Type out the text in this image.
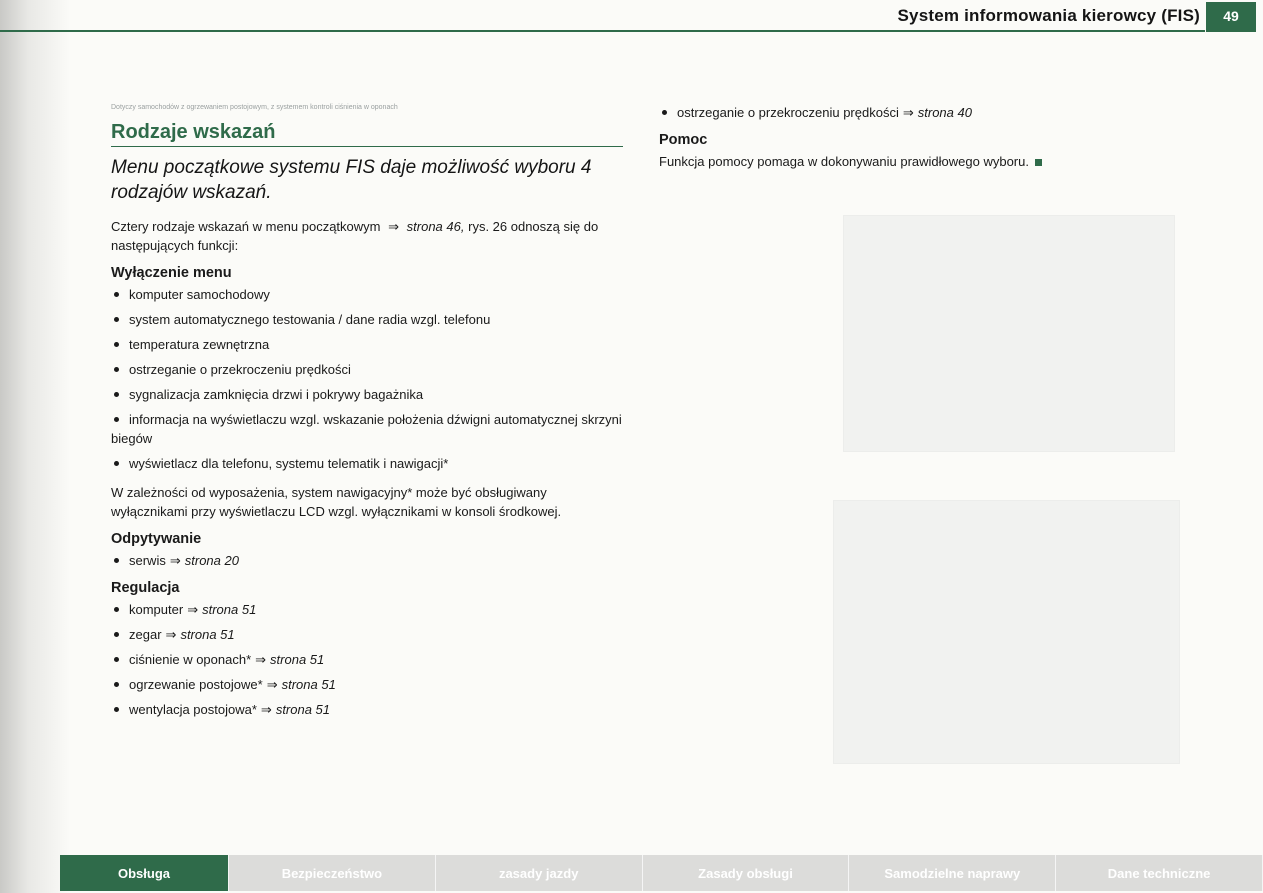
System informowania kierowcy (FIS)	49

Dotyczy samochodów z ogrzewaniem postojowym, z systemem kontroli ciśnienia w oponach

Rodzaje wskazań
Menu początkowe systemu FIS daje możliwość wyboru 4 rodzajów wskazań.

Cztery rodzaje wskazań w menu początkowym ⇒ strona 46, rys. 26 odnoszą się do następujących funkcji:

Wyłączenie menu
komputer samochodowy
system automatycznego testowania / dane radia wzgl. telefonu
temperatura zewnętrzna
ostrzeganie o przekroczeniu prędkości
sygnalizacja zamknięcia drzwi i pokrywy bagażnika
informacja na wyświetlaczu wzgl. wskazanie położenia dźwigni automatycznej skrzyni biegów
wyświetlacz dla telefonu, systemu telematik i nawigacji*

W zależności od wyposażenia, system nawigacyjny* może być obsługiwany wyłącznikami przy wyświetlaczu LCD wzgl. wyłącznikami w konsoli środkowej.

Odpytywanie
serwis ⇒ strona 20
Regulacja
komputer ⇒ strona 51
zegar ⇒ strona 51
ciśnienie w oponach* ⇒ strona 51
ogrzewanie postojowe* ⇒ strona 51
wentylacja postojowa* ⇒ strona 51
ostrzeganie o przekroczeniu prędkości ⇒ strona 40
Pomoc

Funkcja pomocy pomaga w dokonywaniu prawidłowego wyboru.

Obsługa	Bezpieczeństwo	zasady jazdy	Zasady obsługi	Samodzielne naprawy	Dane techniczne
